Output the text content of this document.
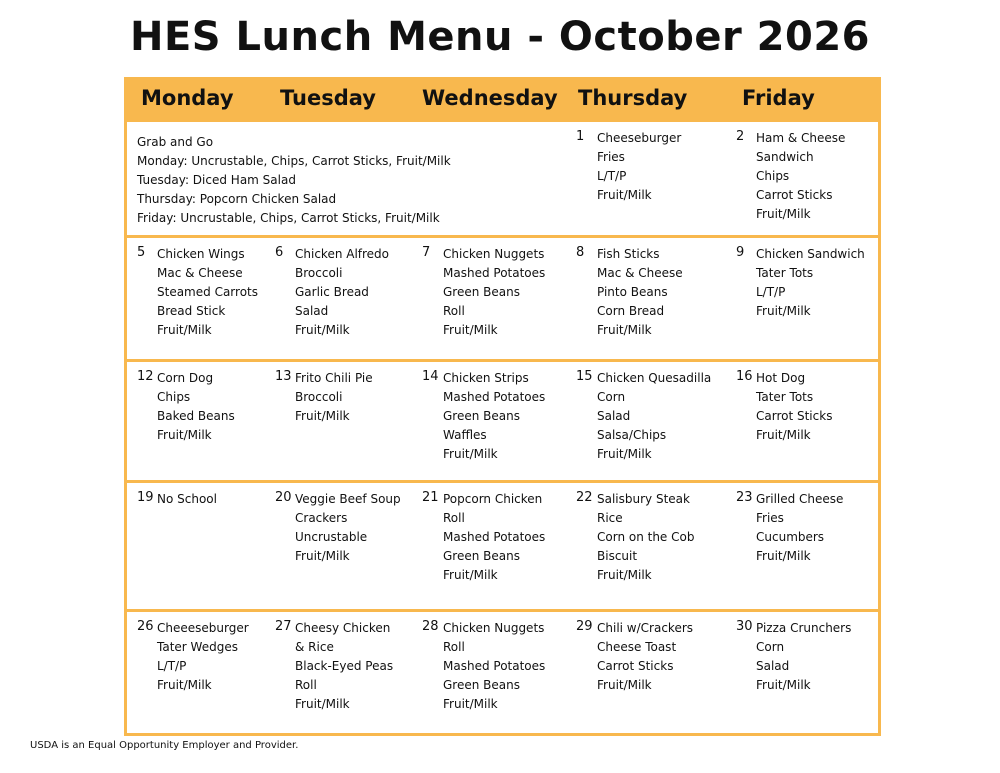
HES Lunch Menu - October 2026
Monday Tuesday Wednesday Thursday	Friday
Grab and Go
Monday: Uncrustable, Chips, Carrot Sticks, Fruit/Milk
Tuesday: Diced Ham Salad
Thursday: Popcorn Chicken Salad
Friday: Uncrustable, Chips, Carrot Sticks, Fruit/Milk
1 Cheeseburger
Fries
L/T/P
Fruit/Milk
2 Ham & Cheese
Sandwich
Chips
Carrot Sticks
Fruit/Milk
5 Chicken Wings
Mac & Cheese
Steamed Carrots
Bread Stick
Fruit/Milk
6 Chicken Alfredo
Broccoli
Garlic Bread
Salad
Fruit/Milk
7 Chicken Nuggets
Mashed Potatoes
Green Beans
Roll
Fruit/Milk
8 Fish Sticks
Mac & Cheese
Pinto Beans
Corn Bread
Fruit/Milk
9 Chicken Sandwich
Tater Tots
L/T/P
Fruit/Milk
12 Corn Dog
Chips
Baked Beans
Fruit/Milk
13 Frito Chili Pie
Broccoli
Fruit/Milk
14 Chicken Strips
Mashed Potatoes
Green Beans
Waffles
Fruit/Milk
15 Chicken Quesadilla
Corn
Salad
Salsa/Chips
Fruit/Milk
16 Hot Dog
Tater Tots
Carrot Sticks
Fruit/Milk
19 No School	20 Veggie Beef Soup
Crackers
Uncrustable
Fruit/Milk
21 Popcorn Chicken
Roll
Mashed Potatoes
Green Beans
Fruit/Milk
22 Salisbury Steak
Rice
Corn on the Cob
Biscuit
Fruit/Milk
23 Grilled Cheese
Fries
Cucumbers
Fruit/Milk
26 Cheeeseburger
Tater Wedges
L/T/P
Fruit/Milk
27 Cheesy Chicken
& Rice
Black-Eyed Peas
Roll
Fruit/Milk
28 Chicken Nuggets
Roll
Mashed Potatoes
Green Beans
Fruit/Milk
29 Chili w/Crackers
Cheese Toast
Carrot Sticks
Fruit/Milk
30 Pizza Crunchers
Corn
Salad
Fruit/Milk
USDA is an Equal Opportunity Employer and Provider.
